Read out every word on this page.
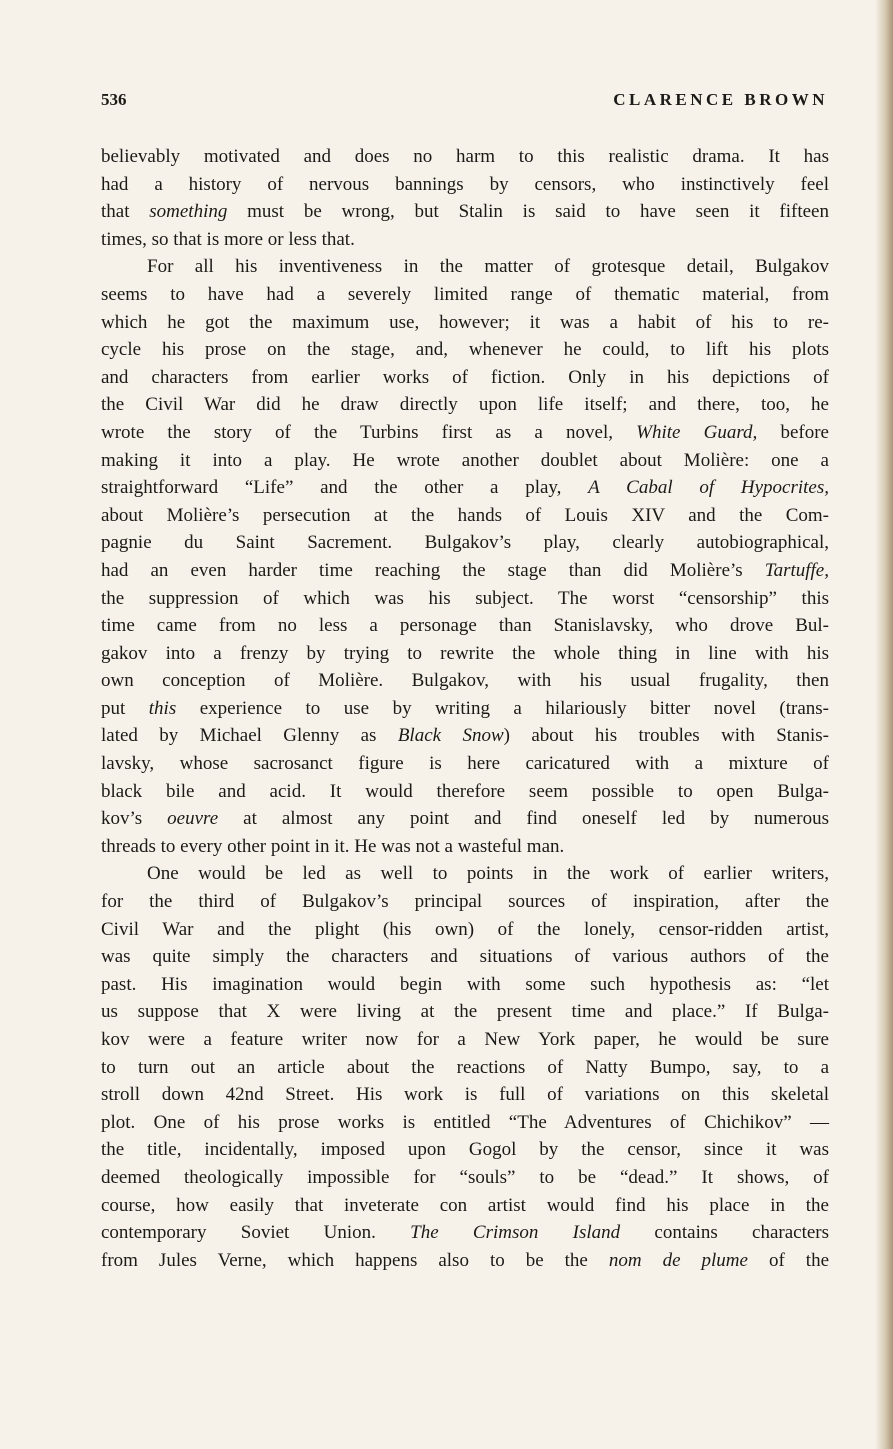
536	CLARENCE BROWN
believably motivated and does no harm to this realistic drama. It has
had a history of nervous bannings by censors, who instinctively feel
that something must be wrong, but Stalin is said to have seen it fifteen
times, so that is more or less that.
For all his inventiveness in the matter of grotesque detail, Bulgakov
seems to have had a severely limited range of thematic material, from
which he got the maximum use, however; it was a habit of his to re-
cycle his prose on the stage, and, whenever he could, to lift his plots
and characters from earlier works of fiction. Only in his depictions of
the Civil War did he draw directly upon life itself; and there, too, he
wrote the story of the Turbins first as a novel, White Guard, before
making it into a play. He wrote another doublet about Molière: one a
straightforward “Life” and the other a play, A Cabal of Hypocrites,
about Molière’s persecution at the hands of Louis XIV and the Com-
pagnie du Saint Sacrement. Bulgakov’s play, clearly autobiographical,
had an even harder time reaching the stage than did Molière’s Tartuffe,
the suppression of which was his subject. The worst “censorship” this
time came from no less a personage than Stanislavsky, who drove Bul-
gakov into a frenzy by trying to rewrite the whole thing in line with his
own conception of Molière. Bulgakov, with his usual frugality, then
put this experience to use by writing a hilariously bitter novel (trans-
lated by Michael Glenny as Black Snow) about his troubles with Stanis-
lavsky, whose sacrosanct figure is here caricatured with a mixture of
black bile and acid. It would therefore seem possible to open Bulga-
kov’s oeuvre at almost any point and find oneself led by numerous
threads to every other point in it. He was not a wasteful man.
One would be led as well to points in the work of earlier writers,
for the third of Bulgakov’s principal sources of inspiration, after the
Civil War and the plight (his own) of the lonely, censor-ridden artist,
was quite simply the characters and situations of various authors of the
past. His imagination would begin with some such hypothesis as: “let
us suppose that X were living at the present time and place.” If Bulga-
kov were a feature writer now for a New York paper, he would be sure
to turn out an article about the reactions of Natty Bumpo, say, to a
stroll down 42nd Street. His work is full of variations on this skeletal
plot. One of his prose works is entitled “The Adventures of Chichikov” —
the title, incidentally, imposed upon Gogol by the censor, since it was
deemed theologically impossible for “souls” to be “dead.” It shows, of
course, how easily that inveterate con artist would find his place in the
contemporary Soviet Union. The Crimson Island contains characters
from Jules Verne, which happens also to be the nom de plume of the
